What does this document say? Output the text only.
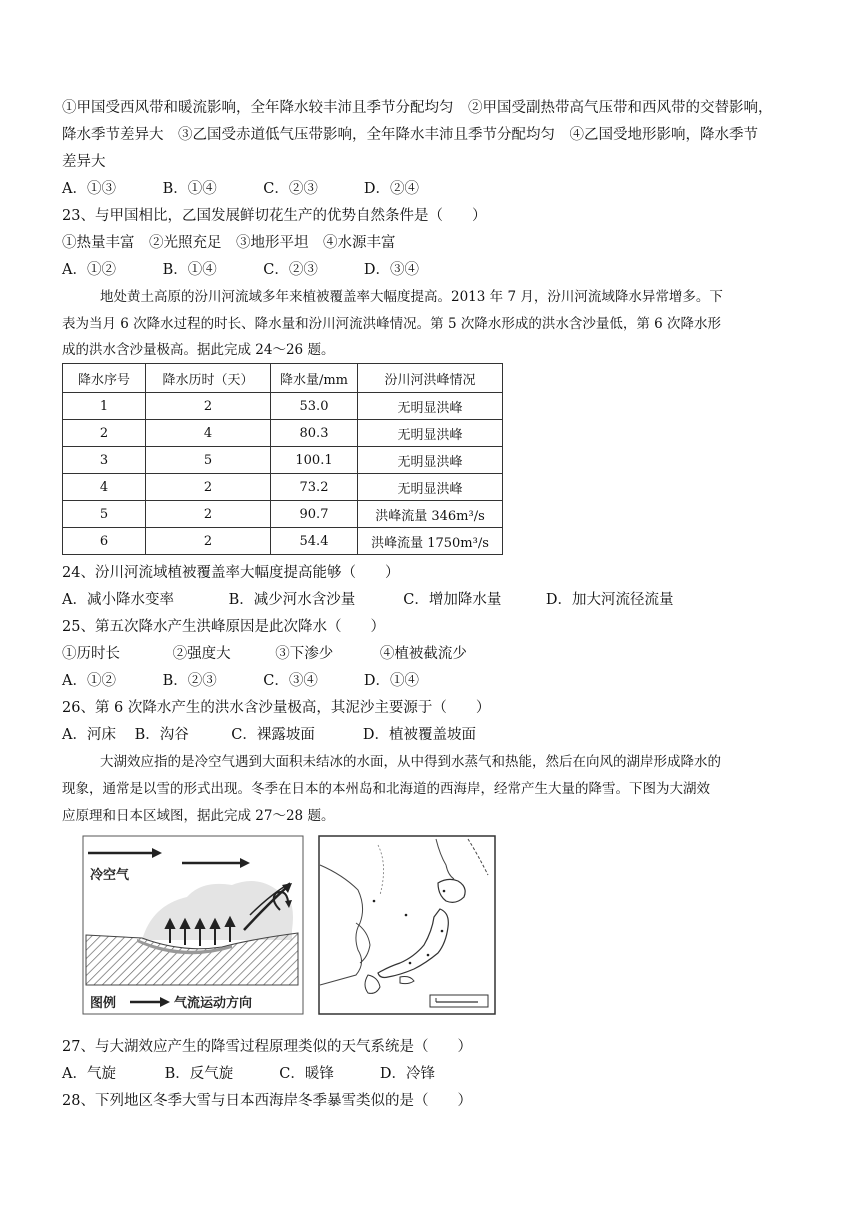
①甲国受西风带和暖流影响，全年降水较丰沛且季节分配均匀　②甲国受副热带高气压带和西风带的交替影响，
降水季节差异大　③乙国受赤道低气压带影响，全年降水丰沛且季节分配均匀　④乙国受地形影响，降水季节
差异大
A．①③	B．①④	C．②③	D．②④
23、与甲国相比，乙国发展鲜切花生产的优势自然条件是（　　）
①热量丰富　②光照充足　③地形平坦　④水源丰富
A．①②	B．①④	C．②③	D．③④
地处黄土高原的汾川河流域多年来植被覆盖率大幅度提高。2013 年 7 月，汾川河流域降水异常增多。下
表为当月 6 次降水过程的时长、降水量和汾川河流洪峰情况。第 5 次降水形成的洪水含沙量低，第 6 次降水形
成的洪水含沙量极高。据此完成 24～26 题。
降水序号	降水历时（天）	降水量/mm	汾川河洪峰情况
1	2	53.0	无明显洪峰
2	4	80.3	无明显洪峰
3	5	100.1	无明显洪峰
4	2	73.2	无明显洪峰
5	2	90.7	洪峰流量 346m³/s
6	2	54.4	洪峰流量 1750m³/s
24、汾川河流域植被覆盖率大幅度提高能够（　　）
A．减小降水变率	B．减少河水含沙量	C．增加降水量	D．加大河流径流量
25、第五次降水产生洪峰原因是此次降水（　　）
①历时长	②强度大	③下渗少	④植被截流少
A．①②	B．②③	C．③④	D．①④
26、第 6 次降水产生的洪水含沙量极高，其泥沙主要源于（　　）
A．河床 B．沟谷	C．裸露坡面	D．植被覆盖坡面
大湖效应指的是冷空气遇到大面积未结冰的水面，从中得到水蒸气和热能，然后在向风的湖岸形成降水的
现象，通常是以雪的形式出现。冬季在日本的本州岛和北海道的西海岸，经常产生大量的降雪。下图为大湖效
应原理和日本区域图，据此完成 27～28 题。
冷空气
图例	气流运动方向
27、与大湖效应产生的降雪过程原理类似的天气系统是（　　）
A．气旋	B．反气旋	C．暖锋	D．冷锋
28、下列地区冬季大雪与日本西海岸冬季暴雪类似的是（　　）
